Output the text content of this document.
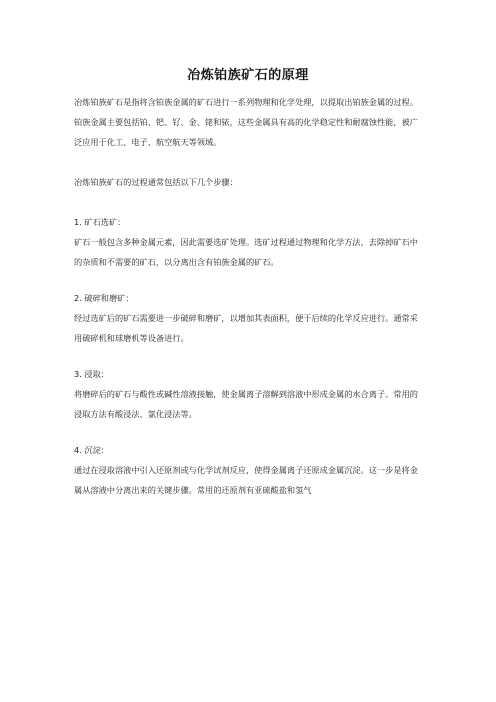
冶炼铂族矿石的原理

冶炼铂族矿石是指将含铂族金属的矿石进行一系列物理和化学处理，以提取出铂族金属的过程。铂族金属主要包括铂、钯、钌、金、铑和铱，这些金属具有高的化学稳定性和耐腐蚀性能，被广泛应用于化工、电子、航空航天等领域。

冶炼铂族矿石的过程通常包括以下几个步骤：

1. 矿石选矿：

矿石一般包含多种金属元素，因此需要选矿处理。选矿过程通过物理和化学方法，去除掉矿石中的杂质和不需要的矿石，以分离出含有铂族金属的矿石。

2. 破碎和磨矿：

经过选矿后的矿石需要进一步破碎和磨矿，以增加其表面积，便于后续的化学反应进行。通常采用破碎机和球磨机等设备进行。

3. 浸取：

将磨碎后的矿石与酸性或碱性溶液接触，使金属离子溶解到溶液中形成金属的水合离子。常用的浸取方法有酸浸法、氯化浸法等。

4. 沉淀：

通过在浸取溶液中引入还原剂或与化学试剂反应，使得金属离子还原成金属沉淀。这一步是将金属从溶液中分离出来的关键步骤。常用的还原剂有亚硫酸盐和氢气
